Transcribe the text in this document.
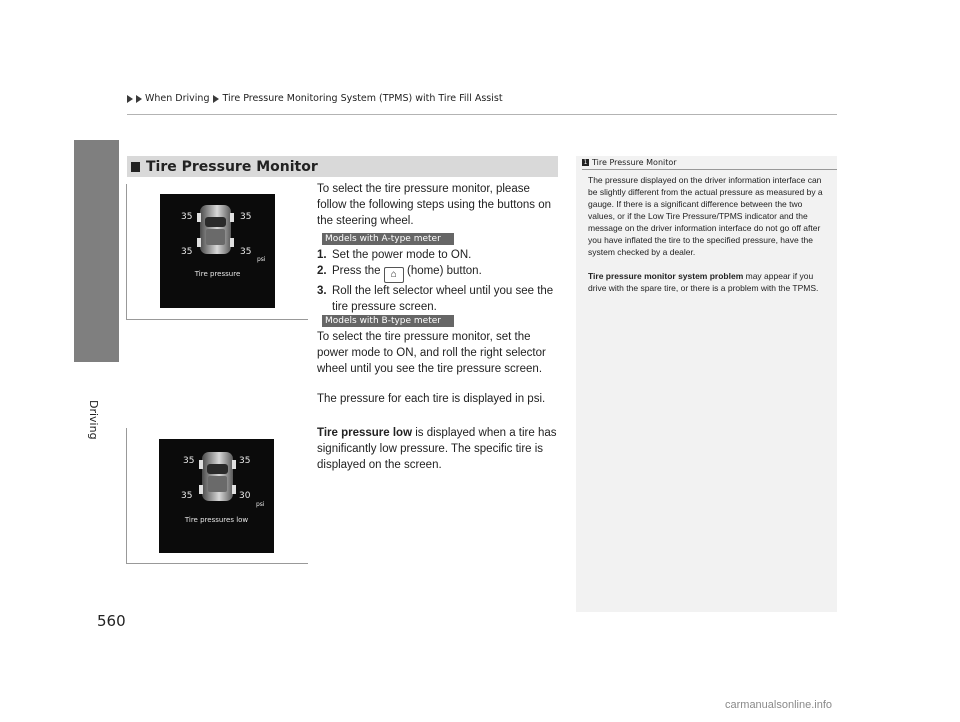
When Driving Tire Pressure Monitoring System (TPMS) with Tire Fill Assist
Driving
560
Tire Pressure Monitor
35	35
35	35
psi
Tire pressure
35	35
35	30
psi
Tire pressures low
To select the tire pressure monitor, please follow the following steps using the buttons on the steering wheel.
Models with A-type meter
1. Set the power mode to ON.
2. Press the ⌂ (home) button.
3. Roll the left selector wheel until you see the tire pressure screen.
Models with B-type meter
To select the tire pressure monitor, set the power mode to ON, and roll the right selector wheel until you see the tire pressure screen.
The pressure for each tire is displayed in psi.
Tire pressure low is displayed when a tire has significantly low pressure. The specific tire is displayed on the screen.
1 Tire Pressure Monitor

The pressure displayed on the driver information interface can be slightly different from the actual pressure as measured by a gauge. If there is a significant difference between the two values, or if the Low Tire Pressure/TPMS indicator and the message on the driver information interface do not go off after you have inflated the tire to the specified pressure, have the system checked by a dealer.

Tire pressure monitor system problem may appear if you drive with the spare tire, or there is a problem with the TPMS.

carmanualsonline.info
